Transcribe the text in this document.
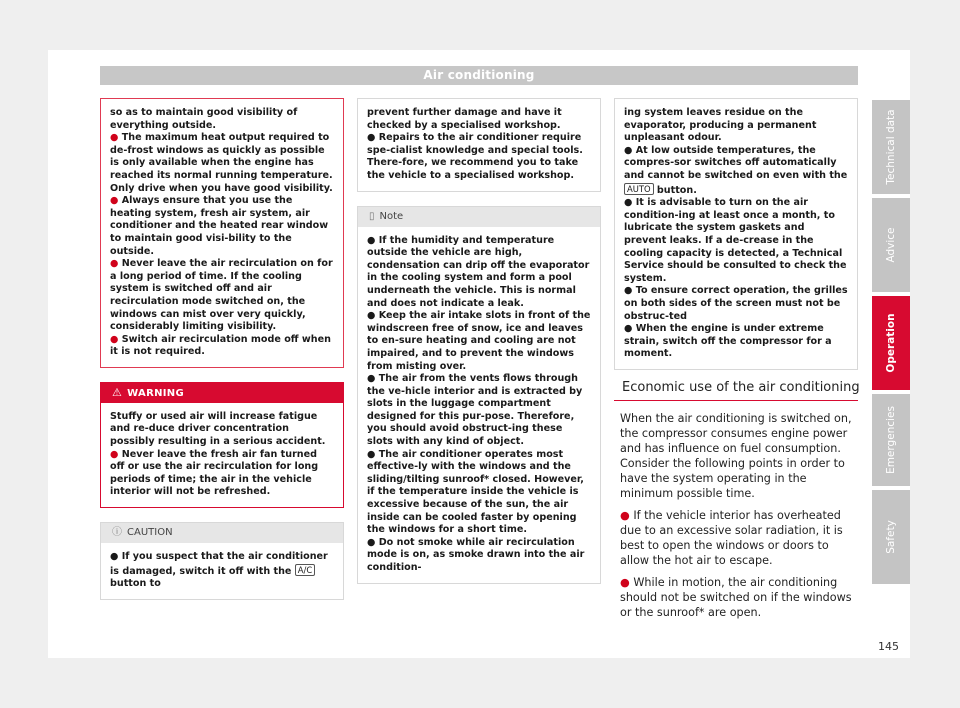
Air conditioning

so as to maintain good visibility of everything outside.

● The maximum heat output required to de-frost windows as quickly as possible is only available when the engine has reached its normal running temperature. Only drive when you have good visibility.

● Always ensure that you use the heating system, fresh air system, air conditioner and the heated rear window to maintain good visi-bility to the outside.

● Never leave the air recirculation on for a long period of time. If the cooling system is switched off and air recirculation mode switched on, the windows can mist over very quickly, considerably limiting visibility.

● Switch air recirculation mode off when it is not required.

⚠ WARNING

Stuffy or used air will increase fatigue and re-duce driver concentration possibly resulting in a serious accident.

● Never leave the fresh air fan turned off or use the air recirculation for long periods of time; the air in the vehicle interior will not be refreshed.

ⓘ CAUTION

● If you suspect that the air conditioner is damaged, switch it off with the A/C button to

prevent further damage and have it checked by a specialised workshop.

● Repairs to the air conditioner require spe-cialist knowledge and special tools. There-fore, we recommend you to take the vehicle to a specialised workshop.

▯ Note

● If the humidity and temperature outside the vehicle are high, condensation can drip off the evaporator in the cooling system and form a pool underneath the vehicle. This is normal and does not indicate a leak.

● Keep the air intake slots in front of the windscreen free of snow, ice and leaves to en-sure heating and cooling are not impaired, and to prevent the windows from misting over.

● The air from the vents flows through the ve-hicle interior and is extracted by slots in the luggage compartment designed for this pur-pose. Therefore, you should avoid obstruct-ing these slots with any kind of object.

● The air conditioner operates most effective-ly with the windows and the sliding/tilting sunroof* closed. However, if the temperature inside the vehicle is excessive because of the sun, the air inside can be cooled faster by opening the windows for a short time.

● Do not smoke while air recirculation mode is on, as smoke drawn into the air condition-

ing system leaves residue on the evaporator, producing a permanent unpleasant odour.

● At low outside temperatures, the compres-sor switches off automatically and cannot be switched on even with the AUTO button.

● It is advisable to turn on the air condition-ing at least once a month, to lubricate the system gaskets and prevent leaks. If a de-crease in the cooling capacity is detected, a Technical Service should be consulted to check the system.

● To ensure correct operation, the grilles on both sides of the screen must not be obstruc-ted

● When the engine is under extreme strain, switch off the compressor for a moment.

Economic use of the air conditioning

When the air conditioning is switched on, the compressor consumes engine power and has influence on fuel consumption. Consider the following points in order to have the system operating in the minimum possible time.

● If the vehicle interior has overheated due to an excessive solar radiation, it is best to open the windows or doors to allow the hot air to escape.

● While in motion, the air conditioning should not be switched on if the windows or the sunroof* are open.

Technical data
Advice
Operation
Emergencies
Safety
145
